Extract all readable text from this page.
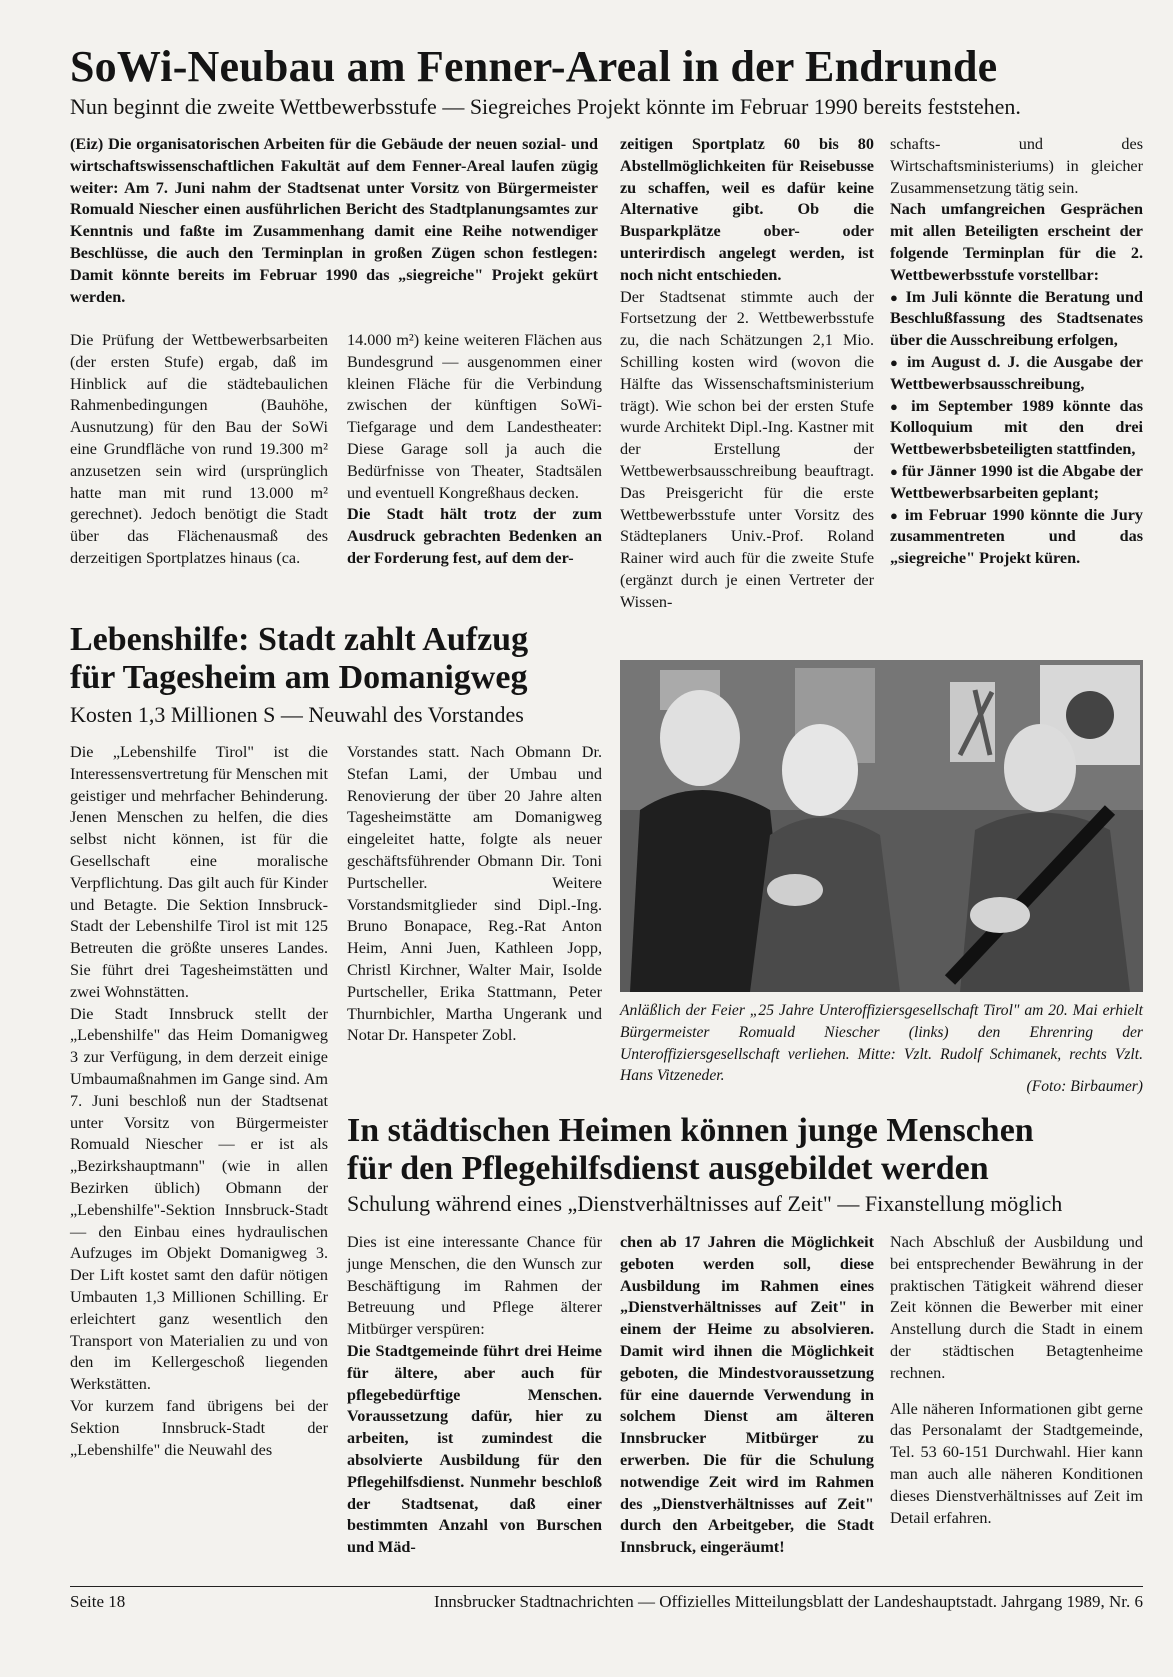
SoWi-Neubau am Fenner-Areal in der Endrunde
Nun beginnt die zweite Wettbewerbsstufe — Siegreiches Projekt könnte im Februar 1990 bereits feststehen.
(Eiz) Die organisatorischen Arbeiten für die Gebäude der neuen sozial- und wirtschaftswissenschaftlichen Fakultät auf dem Fenner-Areal laufen zügig weiter: Am 7. Juni nahm der Stadtsenat unter Vorsitz von Bürgermeister Romuald Niescher einen ausführlichen Bericht des Stadtplanungsamtes zur Kenntnis und faßte im Zusammenhang damit eine Reihe notwendiger Beschlüsse, die auch den Terminplan in großen Zügen schon festlegen: Damit könnte bereits im Februar 1990 das „siegreiche" Projekt gekürt werden.
Die Prüfung der Wettbewerbsarbeiten (der ersten Stufe) ergab, daß im Hinblick auf die städtebaulichen Rahmenbedingungen (Bauhöhe, Ausnutzung) für den Bau der SoWi eine Grundfläche von rund 19.300 m² anzusetzen sein wird (ursprünglich hatte man mit rund 13.000 m² gerechnet). Jedoch benötigt die Stadt über das Flächenausmaß des derzeitigen Sportplatzes hinaus (ca.

14.000 m²) keine weiteren Flächen aus Bundesgrund — ausgenommen einer kleinen Fläche für die Verbindung zwischen der künftigen SoWi-Tiefgarage und dem Landestheater: Diese Garage soll ja auch die Bedürfnisse von Theater, Stadtsälen und eventuell Kongreßhaus decken.

Die Stadt hält trotz der zum Ausdruck gebrachten Bedenken an der Forderung fest, auf dem der-

zeitigen Sportplatz 60 bis 80 Abstellmöglichkeiten für Reisebusse zu schaffen, weil es dafür keine Alternative gibt. Ob die Busparkplätze ober- oder unterirdisch angelegt werden, ist noch nicht entschieden.

Der Stadtsenat stimmte auch der Fortsetzung der 2. Wettbewerbsstufe zu, die nach Schätzungen 2,1 Mio. Schilling kosten wird (wovon die Hälfte das Wissenschaftsministerium trägt). Wie schon bei der ersten Stufe wurde Architekt Dipl.-Ing. Kastner mit der Erstellung der Wettbewerbsausschreibung beauftragt. Das Preisgericht für die erste Wettbewerbsstufe unter Vorsitz des Städteplaners Univ.-Prof. Roland Rainer wird auch für die zweite Stufe (ergänzt durch je einen Vertreter der Wissen-

schafts- und des Wirtschaftsministeriums) in gleicher Zusammensetzung tätig sein.

Nach umfangreichen Gesprächen mit allen Beteiligten erscheint der folgende Terminplan für die 2. Wettbewerbsstufe vorstellbar:

● Im Juli könnte die Beratung und Beschlußfassung des Stadtsenates über die Ausschreibung erfolgen,

● im August d. J. die Ausgabe der Wettbewerbsausschreibung,

● im September 1989 könnte das Kolloquium mit den drei Wettbewerbsbeteiligten stattfinden,

● für Jänner 1990 ist die Abgabe der Wettbewerbsarbeiten geplant;

● im Februar 1990 könnte die Jury zusammentreten und das „siegreiche" Projekt küren.

Lebenshilfe: Stadt zahlt Aufzug
für Tagesheim am Domanigweg
Kosten 1,3 Millionen S — Neuwahl des Vorstandes

Die „Lebenshilfe Tirol" ist die Interessensvertretung für Menschen mit geistiger und mehrfacher Behinderung. Jenen Menschen zu helfen, die dies selbst nicht können, ist für die Gesellschaft eine moralische Verpflichtung. Das gilt auch für Kinder und Betagte. Die Sektion Innsbruck-Stadt der Lebenshilfe Tirol ist mit 125 Betreuten die größte unseres Landes. Sie führt drei Tagesheimstätten und zwei Wohnstätten.

Die Stadt Innsbruck stellt der „Lebenshilfe" das Heim Domanigweg 3 zur Verfügung, in dem derzeit einige Umbaumaßnahmen im Gange sind. Am 7. Juni beschloß nun der Stadtsenat unter Vorsitz von Bürgermeister Romuald Niescher — er ist als „Bezirkshauptmann" (wie in allen Bezirken üblich) Obmann der „Lebenshilfe"-Sektion Innsbruck-Stadt — den Einbau eines hydraulischen Aufzuges im Objekt Domanigweg 3. Der Lift kostet samt den dafür nötigen Umbauten 1,3 Millionen Schilling. Er erleichtert ganz wesentlich den Transport von Materialien zu und von den im Kellergeschoß liegenden Werkstätten.

Vor kurzem fand übrigens bei der Sektion Innsbruck-Stadt der „Lebenshilfe" die Neuwahl des

Vorstandes statt. Nach Obmann Dr. Stefan Lami, der Umbau und Renovierung der über 20 Jahre alten Tagesheimstätte am Domanigweg eingeleitet hatte, folgte als neuer geschäftsführender Obmann Dir. Toni Purtscheller. Weitere Vorstandsmitglieder sind Dipl.-Ing. Bruno Bonapace, Reg.-Rat Anton Heim, Anni Juen, Kathleen Jopp, Christl Kirchner, Walter Mair, Isolde Purtscheller, Erika Stattmann, Peter Thurnbichler, Martha Ungerank und Notar Dr. Hanspeter Zobl.
Anläßlich der Feier „25 Jahre Unteroffiziersgesellschaft Tirol" am 20. Mai erhielt Bürgermeister Romuald Niescher (links) den Ehrenring der Unteroffiziersgesellschaft verliehen. Mitte: Vzlt. Rudolf Schimanek, rechts Vzlt. Hans Vitzeneder.
(Foto: Birbaumer)
In städtischen Heimen können junge Menschen
für den Pflegehilfsdienst ausgebildet werden
Schulung während eines „Dienstverhältnisses auf Zeit" — Fixanstellung möglich

Dies ist eine interessante Chance für junge Menschen, die den Wunsch zur Beschäftigung im Rahmen der Betreuung und Pflege älterer Mitbürger verspüren:

Die Stadtgemeinde führt drei Heime für ältere, aber auch für pflegebedürftige Menschen. Voraussetzung dafür, hier zu arbeiten, ist zumindest die absolvierte Ausbildung für den Pflegehilfsdienst. Nunmehr beschloß der Stadtsenat, daß einer bestimmten Anzahl von Burschen und Mäd-

chen ab 17 Jahren die Möglichkeit geboten werden soll, diese Ausbildung im Rahmen eines „Dienstverhältnisses auf Zeit" in einem der Heime zu absolvieren. Damit wird ihnen die Möglichkeit geboten, die Mindestvoraussetzung für eine dauernde Verwendung in solchem Dienst am älteren Innsbrucker Mitbürger zu erwerben. Die für die Schulung notwendige Zeit wird im Rahmen des „Dienstverhältnisses auf Zeit" durch den Arbeitgeber, die Stadt Innsbruck, eingeräumt!

Nach Abschluß der Ausbildung und bei entsprechender Bewährung in der praktischen Tätigkeit während dieser Zeit können die Bewerber mit einer Anstellung durch die Stadt in einem der städtischen Betagtenheime rechnen.

Alle näheren Informationen gibt gerne das Personalamt der Stadtgemeinde, Tel. 53 60-151 Durchwahl. Hier kann man auch alle näheren Konditionen dieses Dienstverhältnisses auf Zeit im Detail erfahren.

Seite 18	Innsbrucker Stadtnachrichten — Offizielles Mitteilungsblatt der Landeshauptstadt. Jahrgang 1989, Nr. 6
